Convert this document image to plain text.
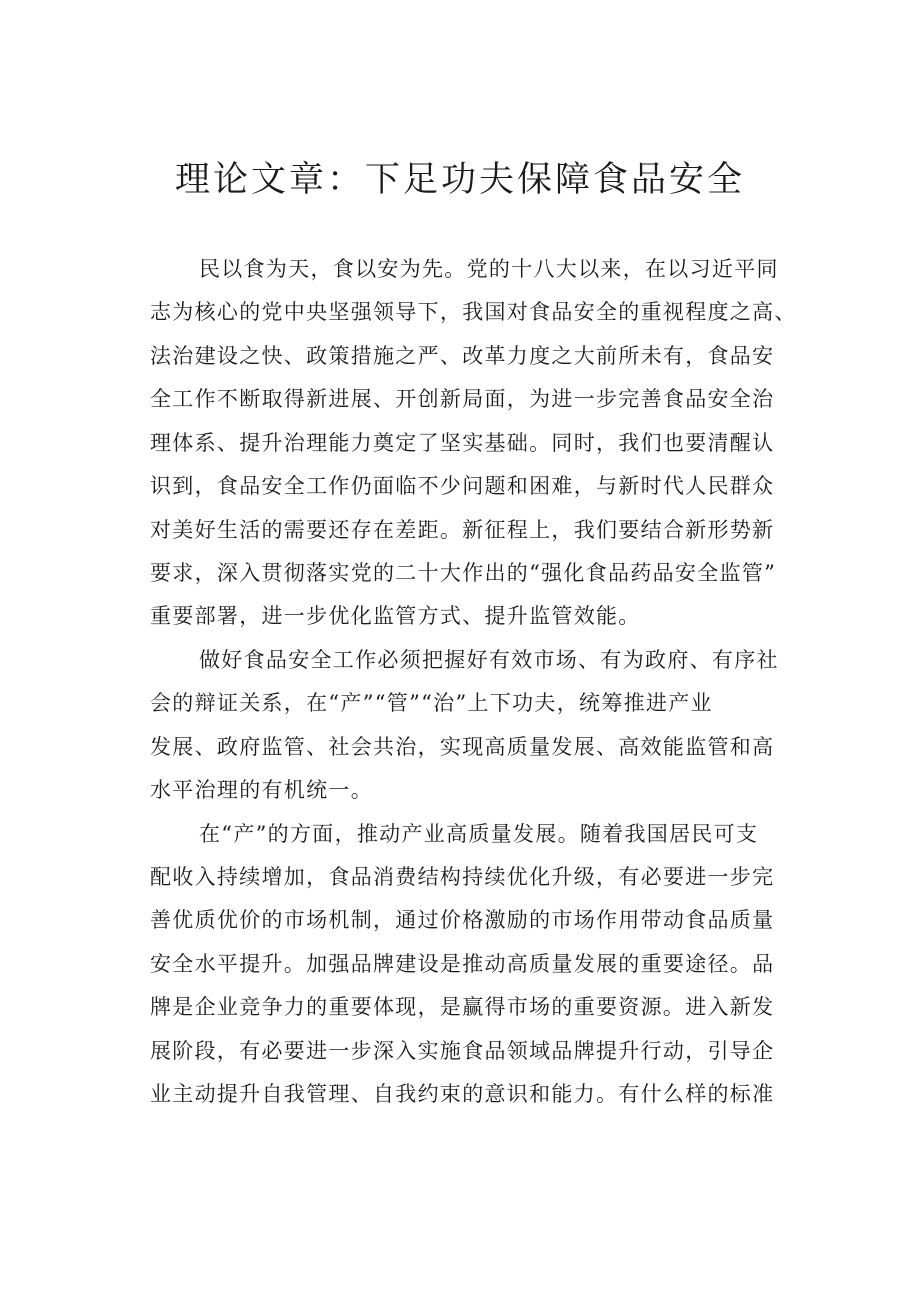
理论文章：下足功夫保障食品安全

民以食为天，食以安为先。党的十八大以来，在以习近平同

志为核心的党中央坚强领导下，我国对食品安全的重视程度之高、

法治建设之快、政策措施之严、改革力度之大前所未有，食品安

全工作不断取得新进展、开创新局面，为进一步完善食品安全治

理体系、提升治理能力奠定了坚实基础。同时，我们也要清醒认

识到，食品安全工作仍面临不少问题和困难，与新时代人民群众

对美好生活的需要还存在差距。新征程上，我们要结合新形势新

要求，深入贯彻落实党的二十大作出的“强化食品药品安全监管”

重要部署，进一步优化监管方式、提升监管效能。

做好食品安全工作必须把握好有效市场、有为政府、有序社

会的辩证关系，在“产”“管”“治”上下功夫，统筹推进产业

发展、政府监管、社会共治，实现高质量发展、高效能监管和高

水平治理的有机统一。

在“产”的方面，推动产业高质量发展。随着我国居民可支

配收入持续增加，食品消费结构持续优化升级，有必要进一步完

善优质优价的市场机制，通过价格激励的市场作用带动食品质量

安全水平提升。加强品牌建设是推动高质量发展的重要途径。品

牌是企业竞争力的重要体现，是赢得市场的重要资源。进入新发

展阶段，有必要进一步深入实施食品领域品牌提升行动，引导企

业主动提升自我管理、自我约束的意识和能力。有什么样的标准
